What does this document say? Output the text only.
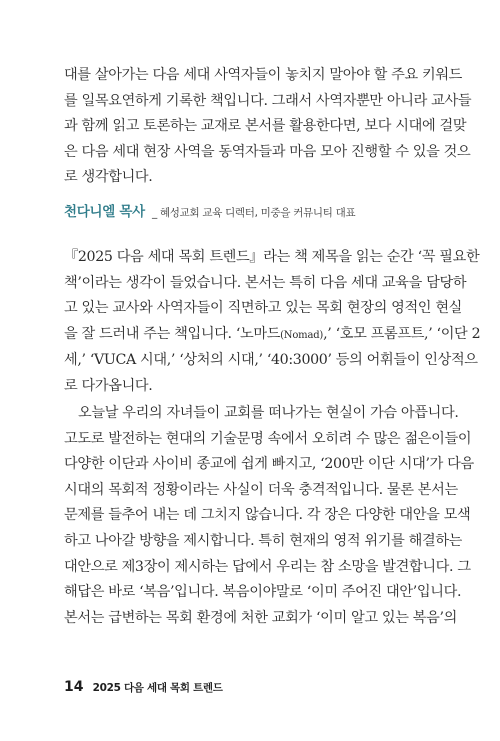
대를 살아가는 다음 세대 사역자들이 놓치지 말아야 할 주요 키워드
를 일목요연하게 기록한 책입니다. 그래서 사역자뿐만 아니라 교사들
과 함께 읽고 토론하는 교재로 본서를 활용한다면, 보다 시대에 걸맞
은 다음 세대 현장 사역을 동역자들과 마음 모아 진행할 수 있을 것으
로 생각합니다.
천다니엘 목사 _ 혜성교회 교육 디렉터, 미중을 커뮤니티 대표
『2025 다음 세대 목회 트렌드』라는 책 제목을 읽는 순간 ‘꼭 필요한
책’이라는 생각이 들었습니다. 본서는 특히 다음 세대 교육을 담당하
고 있는 교사와 사역자들이 직면하고 있는 목회 현장의 영적인 현실
을 잘 드러내 주는 책입니다. ‘노마드(Nomad),’ ‘호모 프롬프트,’ ‘이단 2
세,’ ‘VUCA 시대,’ ‘상처의 시대,’ ‘40:3000’ 등의 어휘들이 인상적으
로 다가옵니다.
오늘날 우리의 자녀들이 교회를 떠나가는 현실이 가슴 아픕니다.
고도로 발전하는 현대의 기술문명 속에서 오히려 수 많은 젊은이들이
다양한 이단과 사이비 종교에 쉽게 빠지고, ‘200만 이단 시대’가 다음
시대의 목회적 정황이라는 사실이 더욱 충격적입니다. 물론 본서는
문제를 들추어 내는 데 그치지 않습니다. 각 장은 다양한 대안을 모색
하고 나아갈 방향을 제시합니다. 특히 현재의 영적 위기를 해결하는
대안으로 제3장이 제시하는 답에서 우리는 참 소망을 발견합니다. 그
해답은 바로 ‘복음’입니다. 복음이야말로 ‘이미 주어진 대안’입니다.
본서는 급변하는 목회 환경에 처한 교회가 ‘이미 알고 있는 복음’의
14 2025 다음 세대 목회 트렌드
